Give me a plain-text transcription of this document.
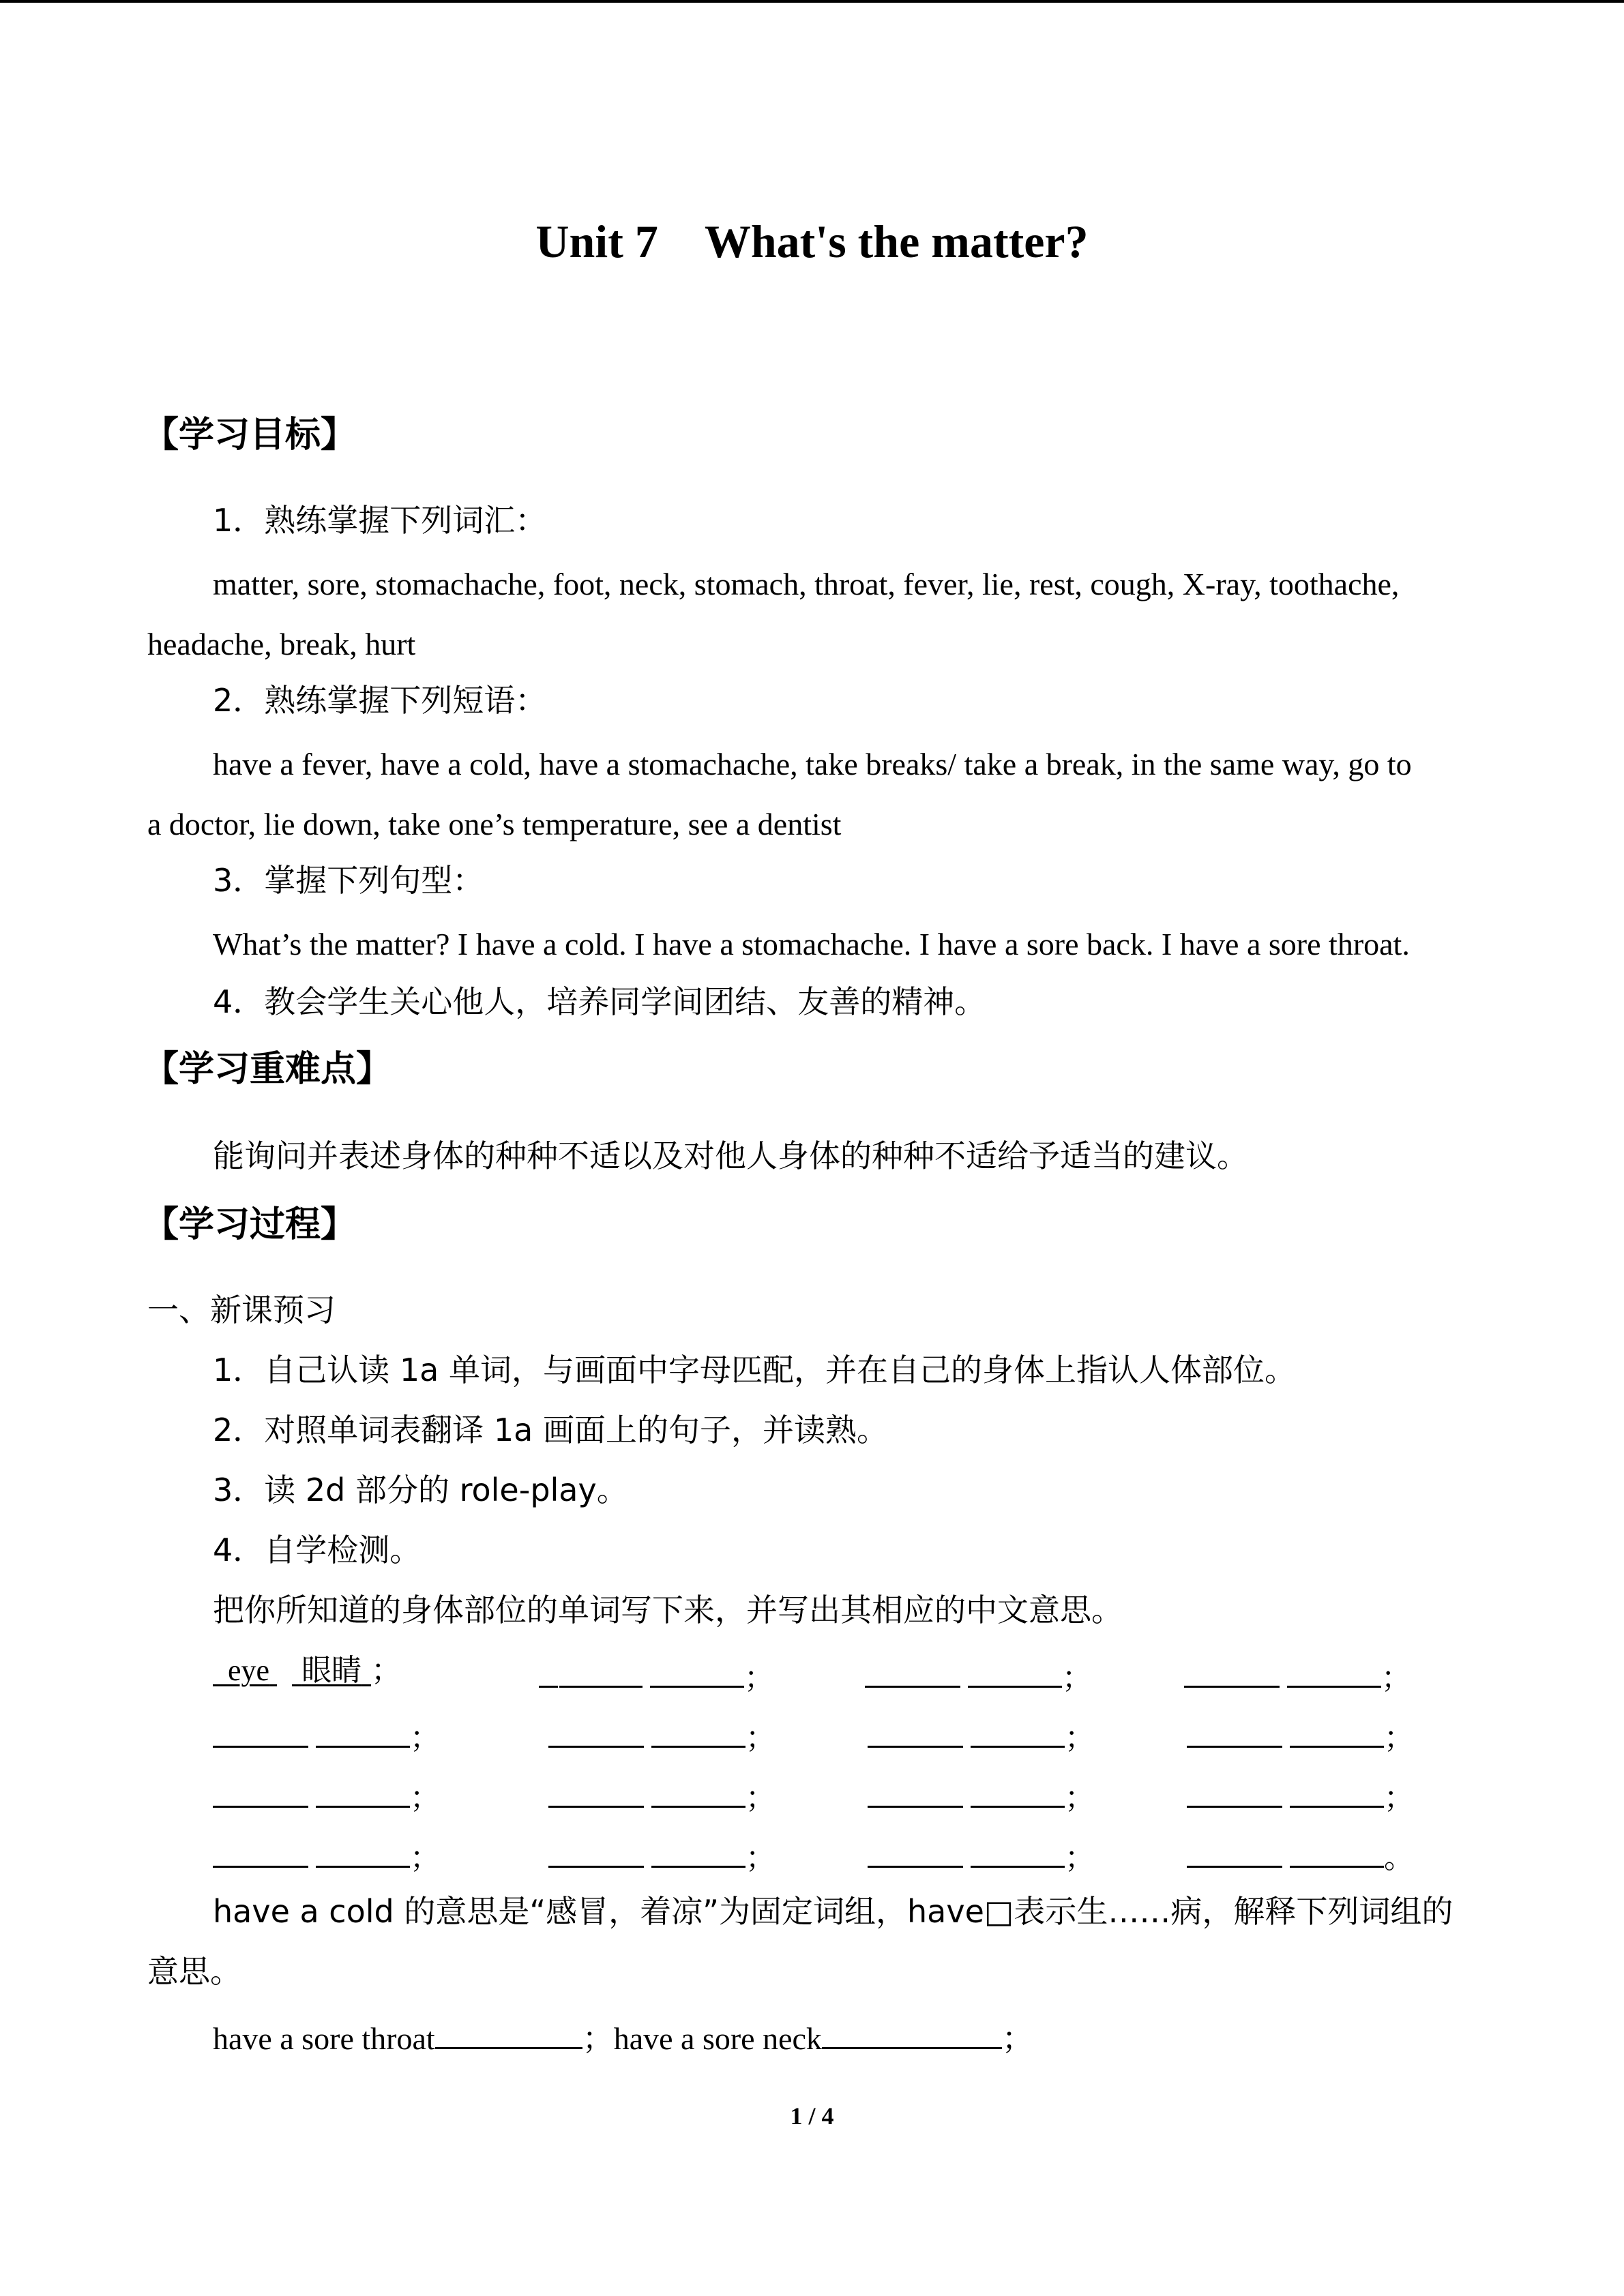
Unit 7　What's the matter?
【学习目标】
1．熟练掌握下列词汇：
matter, sore, stomachache, foot, neck, stomach, throat, fever, lie, rest, cough, X-ray, toothache,
headache, break, hurt
2．熟练掌握下列短语：
have a fever, have a cold, have a stomachache, take breaks/ take a break, in the same way, go to
a doctor, lie down, take one’s temperature, see a dentist
3．掌握下列句型：
What’s the matter? I have a cold. I have a stomachache. I have a sore back. I have a sore throat.
4．教会学生关心他人，培养同学间团结、友善的精神。
【学习重难点】
能询问并表述身体的种种不适以及对他人身体的种种不适给予适当的建议。
【学习过程】
一、新课预习
1．自己认读 1a 单词，与画面中字母匹配，并在自己的身体上指认人体部位。
2．对照单词表翻译 1a 画面上的句子，并读熟。
3．读 2d 部分的 role-play。
4．自学检测。
把你所知道的身体部位的单词写下来，并写出其相应的中文意思。
eye 眼睛 ；	；	；	；
；	；	；	；
；	；	；	；
；	；	；	。
have a cold 的意思是“感冒，着凉”为固定词组，have□表示生……病，解释下列词组的
意思。
have a sore throat	；have a sore neck	；
1 / 4
